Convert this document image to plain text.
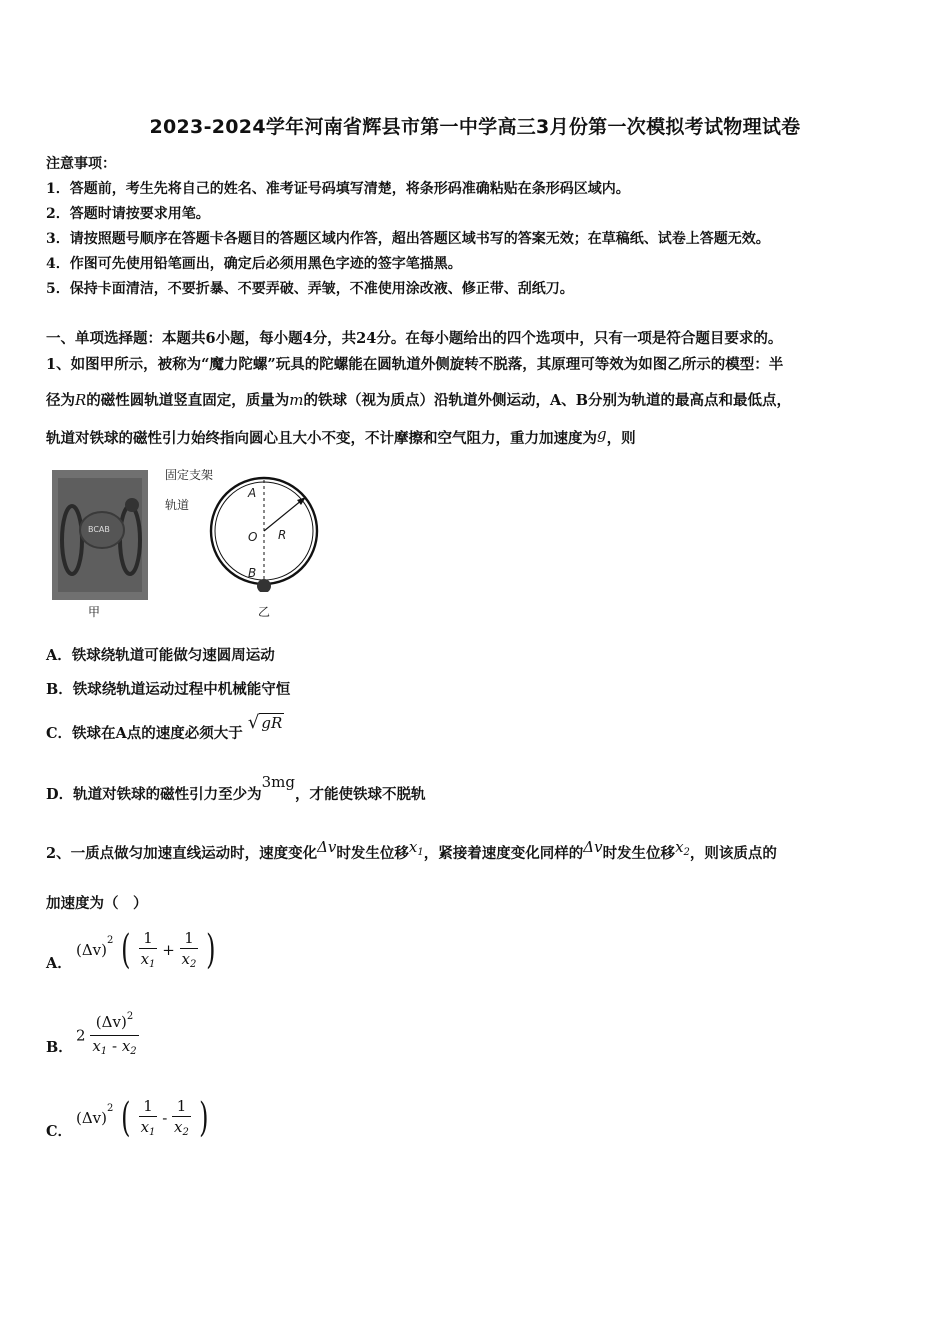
2023-2024学年河南省辉县市第一中学高三3月份第一次模拟考试物理试卷
注意事项：
1．答题前，考生先将自己的姓名、准考证号码填写清楚，将条形码准确粘贴在条形码区域内。
2．答题时请按要求用笔。
3．请按照题号顺序在答题卡各题目的答题区域内作答，超出答题区域书写的答案无效；在草稿纸、试卷上答题无效。
4．作图可先使用铅笔画出，确定后必须用黑色字迹的签字笔描黑。
5．保持卡面清洁，不要折暴、不要弄破、弄皱，不准使用涂改液、修正带、刮纸刀。
一、单项选择题：本题共6小题，每小题4分，共24分。在每小题给出的四个选项中，只有一项是符合题目要求的。
1、如图甲所示，被称为“魔力陀螺”玩具的陀螺能在圆轨道外侧旋转不脱落，其原理可等效为如图乙所示的模型：半
径为R的磁性圆轨道竖直固定，质量为m的铁球（视为质点）沿轨道外侧运动，A、B分别为轨道的最高点和最低点，
轨道对铁球的磁性引力始终指向圆心且大小不变，不计摩擦和空气阻力，重力加速度为g，则
BCAB
甲
固定支架
轨道
A
O R
B
乙
A．铁球绕轨道可能做匀速圆周运动
B．铁球绕轨道运动过程中机械能守恒
C．铁球在A点的速度必须大于 √ gR
D．轨道对铁球的磁性引力至少为3mg，才能使铁球不脱轨
2、一质点做匀加速直线运动时，速度变化Δv时发生位移$x_1$，紧接着速度变化同样的Δv时发生位移$x_2$，则该质点的
加速度为（　）
A．
$(\Delta v)^2$ ( $\frac{1}{x_1} + \frac{1}{x_2}$ )
B．
$2 \frac{(\Delta v)^2}{x_1 - x_2}$
C．
$(\Delta v)^2$ ( $\frac{1}{x_1} - \frac{1}{x_2}$ )
